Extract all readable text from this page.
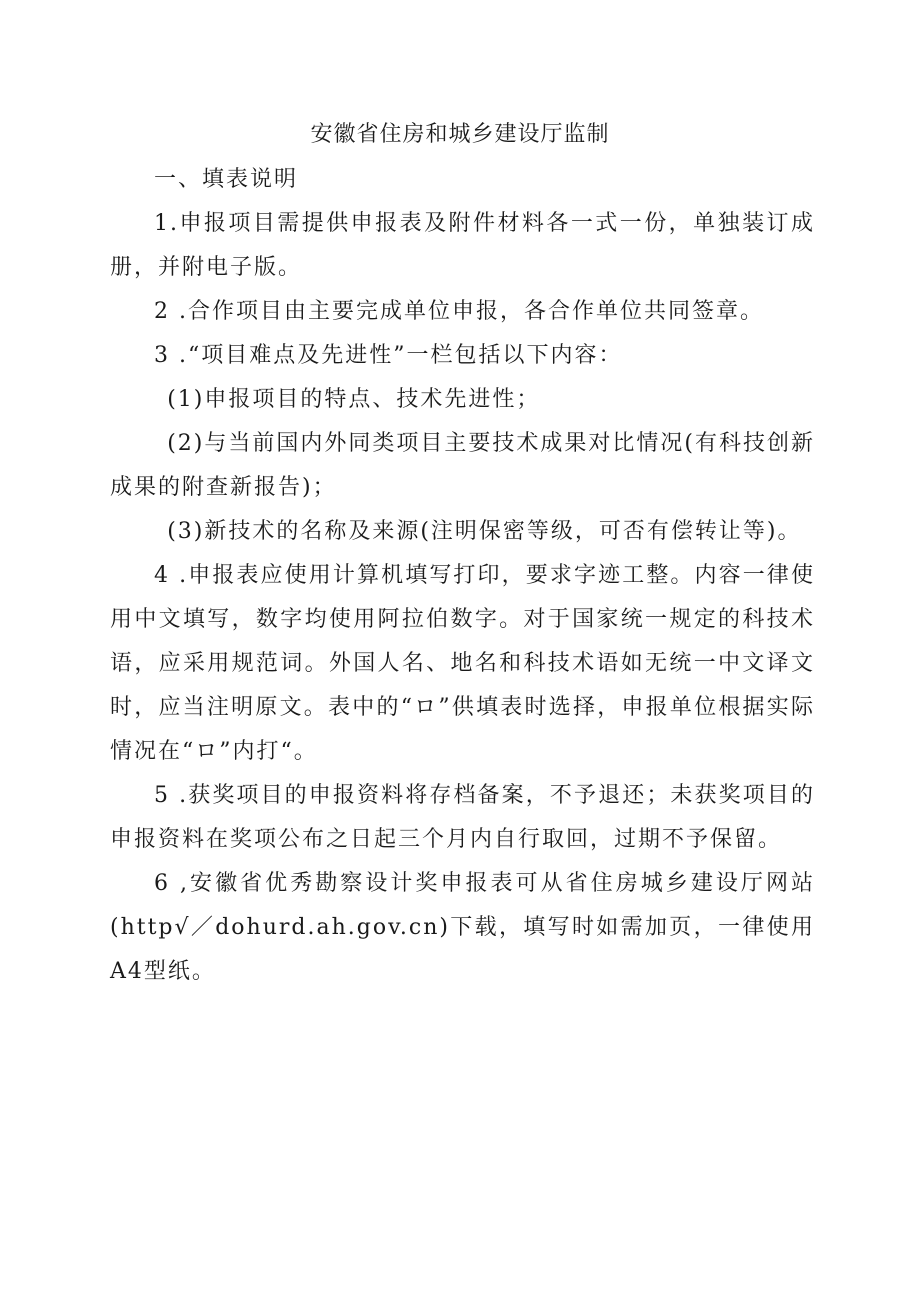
安徽省住房和城乡建设厅监制

一、填表说明

1.申报项目需提供申报表及附件材料各一式一份，单独装订成册，并附电子版。

2 .合作项目由主要完成单位申报，各合作单位共同签章。

3 .“项目难点及先进性”一栏包括以下内容：

(1)申报项目的特点、技术先进性；

(2)与当前国内外同类项目主要技术成果对比情况(有科技创新成果的附查新报告)；

(3)新技术的名称及来源(注明保密等级，可否有偿转让等)。

4 .申报表应使用计算机填写打印，要求字迹工整。内容一律使用中文填写，数字均使用阿拉伯数字。对于国家统一规定的科技术语，应采用规范词。外国人名、地名和科技术语如无统一中文译文时，应当注明原文。表中的“ロ”供填表时选择，申报单位根据实际情况在“ロ”内打“。

5 .获奖项目的申报资料将存档备案，不予退还；未获奖项目的申报资料在奖项公布之日起三个月内自行取回，过期不予保留。

6 ,安徽省优秀勘察设计奖申报表可从省住房城乡建设厅网站(http√／dohurd.ah.gov.cn)下载，填写时如需加页，一律使用A4型纸。
